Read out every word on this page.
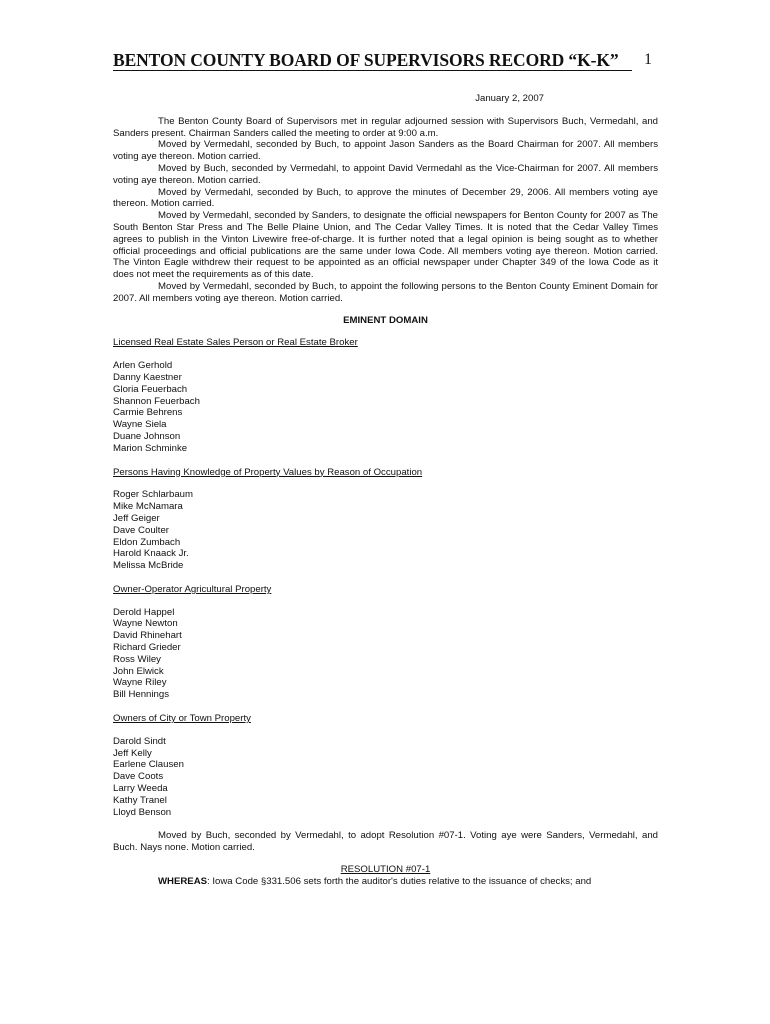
BENTON COUNTY BOARD OF SUPERVISORS RECORD “K-K” 1
January 2, 2007

The Benton County Board of Supervisors met in regular adjourned session with Supervisors Buch, Vermedahl, and Sanders present. Chairman Sanders called the meeting to order at 9:00 a.m.

Moved by Vermedahl, seconded by Buch, to appoint Jason Sanders as the Board Chairman for 2007. All members voting aye thereon. Motion carried.

Moved by Buch, seconded by Vermedahl, to appoint David Vermedahl as the Vice-Chairman for 2007. All members voting aye thereon. Motion carried.

Moved by Vermedahl, seconded by Buch, to approve the minutes of December 29, 2006. All members voting aye thereon. Motion carried.

Moved by Vermedahl, seconded by Sanders, to designate the official newspapers for Benton County for 2007 as The South Benton Star Press and The Belle Plaine Union, and The Cedar Valley Times. It is noted that the Cedar Valley Times agrees to publish in the Vinton Livewire free-of-charge. It is further noted that a legal opinion is being sought as to whether official proceedings and official publications are the same under Iowa Code. All members voting aye thereon. Motion carried. The Vinton Eagle withdrew their request to be appointed as an official newspaper under Chapter 349 of the Iowa Code as it does not meet the requirements as of this date.

Moved by Vermedahl, seconded by Buch, to appoint the following persons to the Benton County Eminent Domain for 2007. All members voting aye thereon. Motion carried.

EMINENT DOMAIN
Licensed Real Estate Sales Person or Real Estate Broker
Arlen Gerhold
Danny Kaestner
Gloria Feuerbach
Shannon Feuerbach
Carmie Behrens
Wayne Siela
Duane Johnson
Marion Schminke
Persons Having Knowledge of Property Values by Reason of Occupation
Roger Schlarbaum
Mike McNamara
Jeff Geiger
Dave Coulter
Eldon Zumbach
Harold Knaack Jr.
Melissa McBride
Owner-Operator Agricultural Property
Derold Happel
Wayne Newton
David Rhinehart
Richard Grieder
Ross Wiley
John Elwick
Wayne Riley
Bill Hennings
Owners of City or Town Property
Darold Sindt
Jeff Kelly
Earlene Clausen
Dave Coots
Larry Weeda
Kathy Tranel
Lloyd Benson

Moved by Buch, seconded by Vermedahl, to adopt Resolution #07-1. Voting aye were Sanders, Vermedahl, and Buch. Nays none. Motion carried.

RESOLUTION #07-1
WHEREAS: Iowa Code §331.506 sets forth the auditor's duties relative to the issuance of checks; and
